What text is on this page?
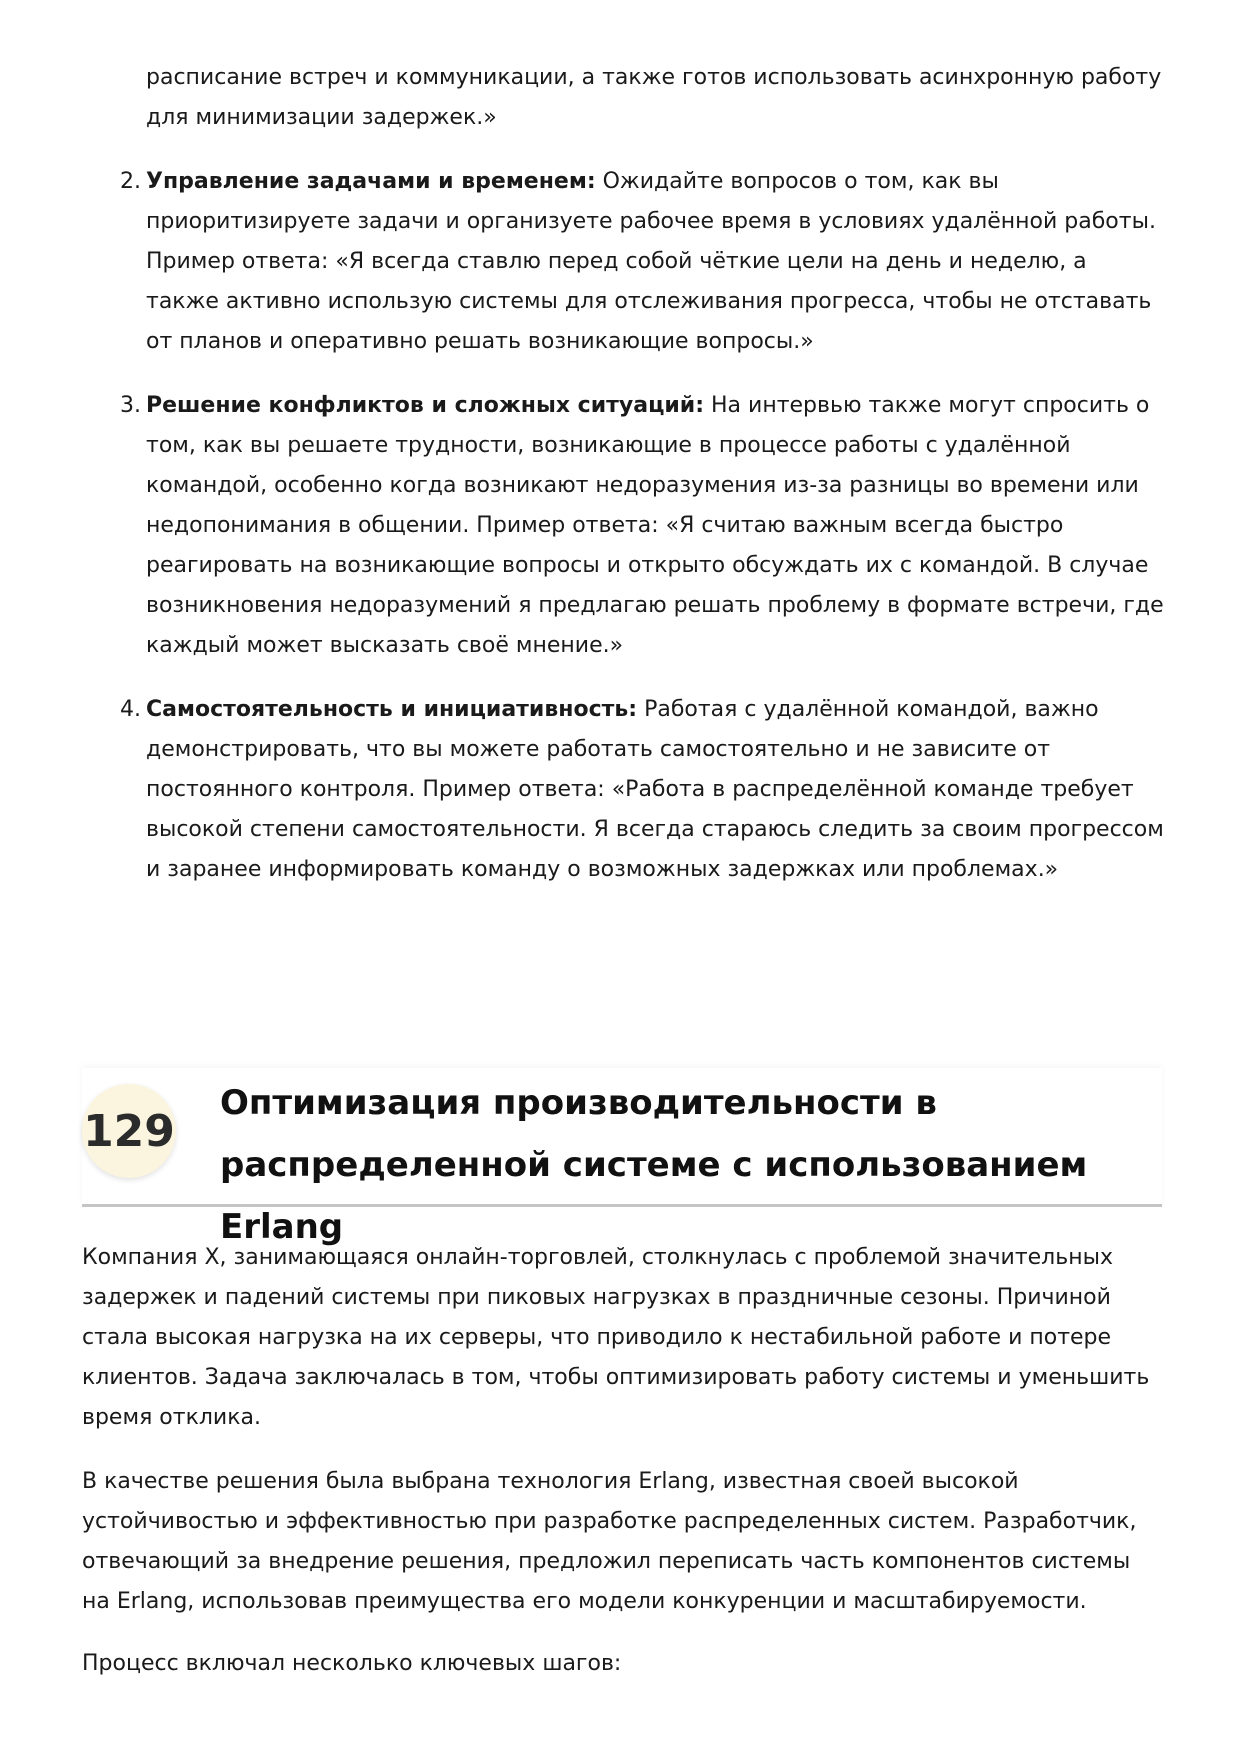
расписание встреч и коммуникации, а также готов использовать асинхронную работу для минимизации задержек.»

2. Управление задачами и временем: Ожидайте вопросов о том, как вы приоритизируете задачи и организуете рабочее время в условиях удалённой работы. Пример ответа: «Я всегда ставлю перед собой чёткие цели на день и неделю, а также активно использую системы для отслеживания прогресса, чтобы не отставать от планов и оперативно решать возникающие вопросы.»
3. Решение конфликтов и сложных ситуаций: На интервью также могут спросить о том, как вы решаете трудности, возникающие в процессе работы с удалённой командой, особенно когда возникают недоразумения из-за разницы во времени или недопонимания в общении. Пример ответа: «Я считаю важным всегда быстро реагировать на возникающие вопросы и открыто обсуждать их с командой. В случае возникновения недоразумений я предлагаю решать проблему в формате встречи, где каждый может высказать своё мнение.»
4. Самостоятельность и инициативность: Работая с удалённой командой, важно демонстрировать, что вы можете работать самостоятельно и не зависите от постоянного контроля. Пример ответа: «Работа в распределённой команде требует высокой степени самостоятельности. Я всегда стараюсь следить за своим прогрессом и заранее информировать команду о возможных задержках или проблемах.»
129
Оптимизация производительности в распределенной системе с использованием Erlang

Компания X, занимающаяся онлайн-торговлей, столкнулась с проблемой значительных задержек и падений системы при пиковых нагрузках в праздничные сезоны. Причиной стала высокая нагрузка на их серверы, что приводило к нестабильной работе и потере клиентов. Задача заключалась в том, чтобы оптимизировать работу системы и уменьшить время отклика.

В качестве решения была выбрана технология Erlang, известная своей высокой устойчивостью и эффективностью при разработке распределенных систем. Разработчик, отвечающий за внедрение решения, предложил переписать часть компонентов системы на Erlang, использовав преимущества его модели конкуренции и масштабируемости.

Процесс включал несколько ключевых шагов:
